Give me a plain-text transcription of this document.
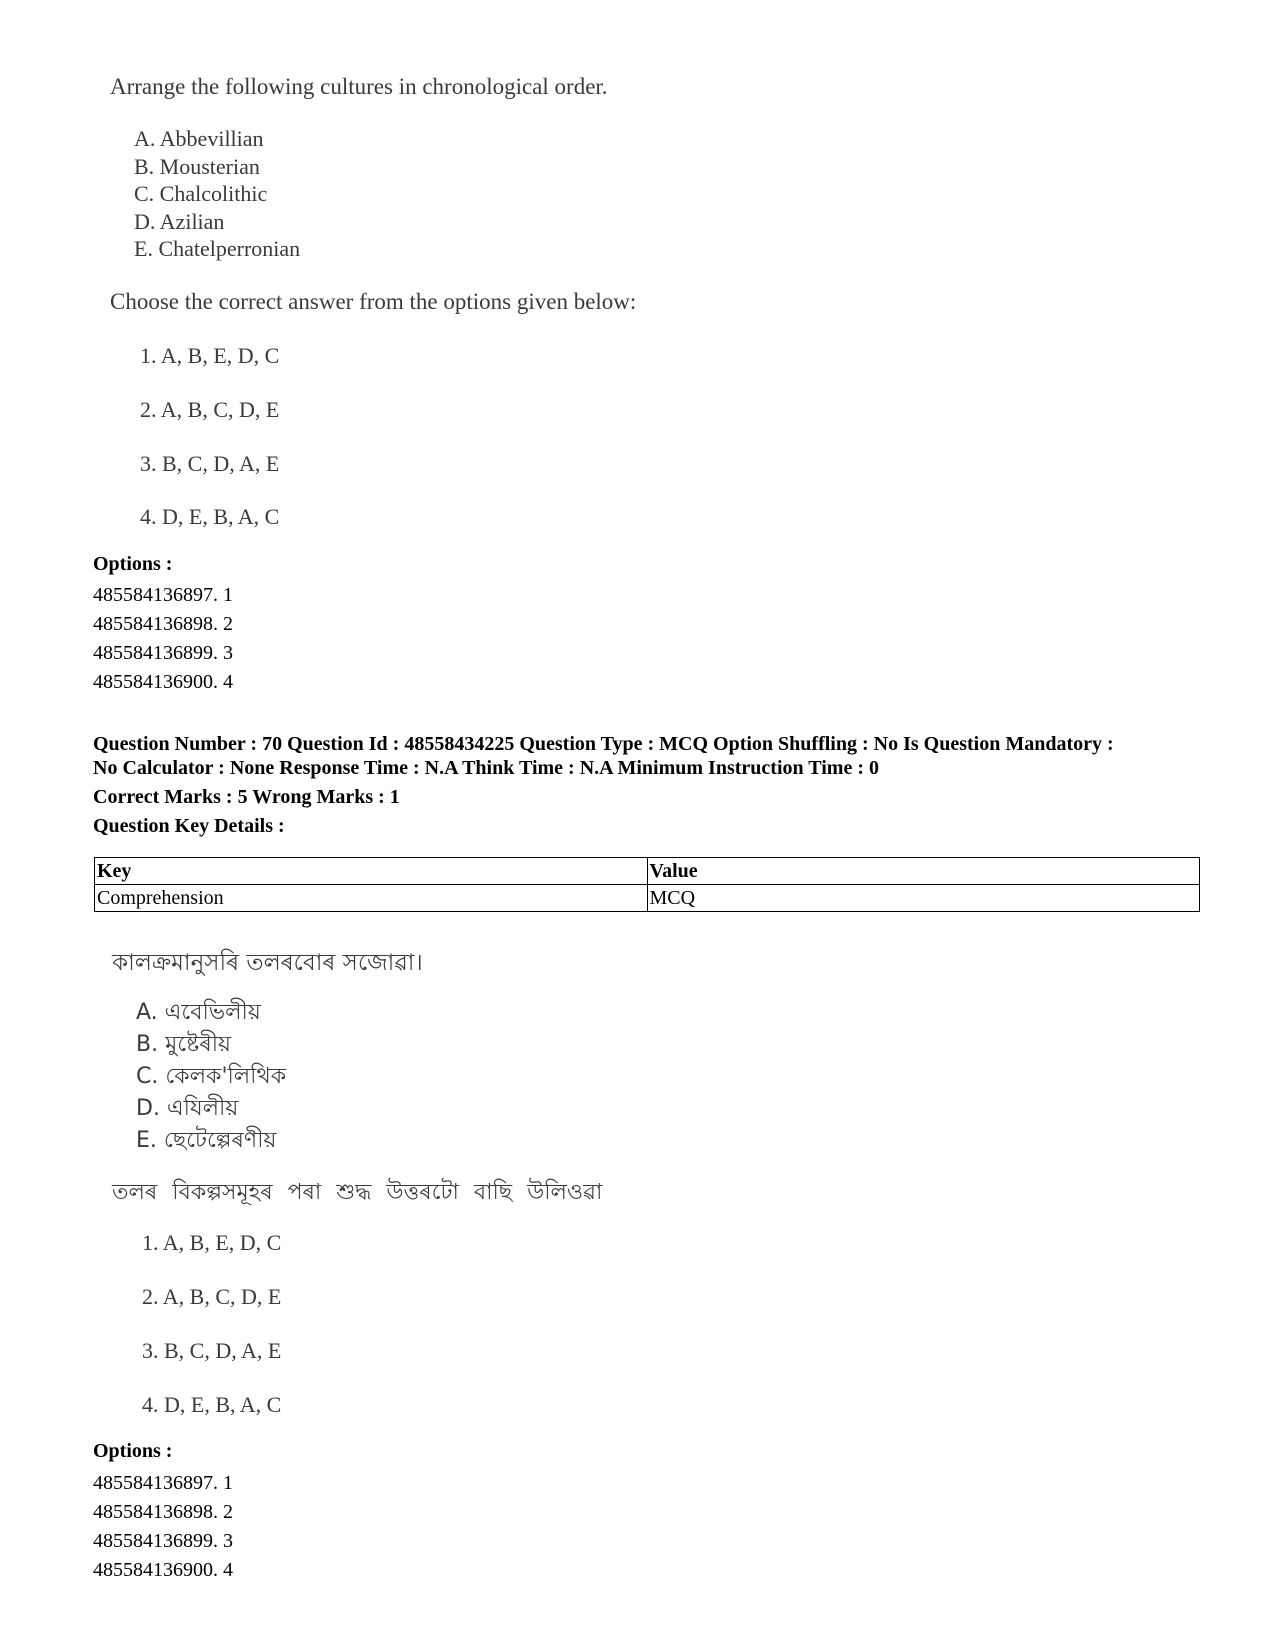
Arrange the following cultures in chronological order.
A. Abbevillian
B. Mousterian
C. Chalcolithic
D. Azilian
E. Chatelperronian
Choose the correct answer from the options given below:
1. A, B, E, D, C
2. A, B, C, D, E
3. B, C, D, A, E
4. D, E, B, A, C
Options :
485584136897. 1
485584136898. 2
485584136899. 3
485584136900. 4
Question Number : 70 Question Id : 48558434225 Question Type : MCQ Option Shuffling : No Is Question Mandatory :
No Calculator : None Response Time : N.A Think Time : N.A Minimum Instruction Time : 0
Correct Marks : 5 Wrong Marks : 1
Question Key Details :
Key	Value
Comprehension	MCQ
কালক্ৰমানুসৰি তলৰবোৰ সজোৱা।
A. এবেভিলীয়
B. মুষ্টেৰীয়
C. কেলক'লিথিক
D. এযিলীয়
E. ছেটেল্পেৰণীয়
তলৰ বিকল্পসমূহৰ পৰা শুদ্ধ উত্তৰটো বাছি উলিওৱা
1. A, B, E, D, C
2. A, B, C, D, E
3. B, C, D, A, E
4. D, E, B, A, C
Options :
485584136897. 1
485584136898. 2
485584136899. 3
485584136900. 4
